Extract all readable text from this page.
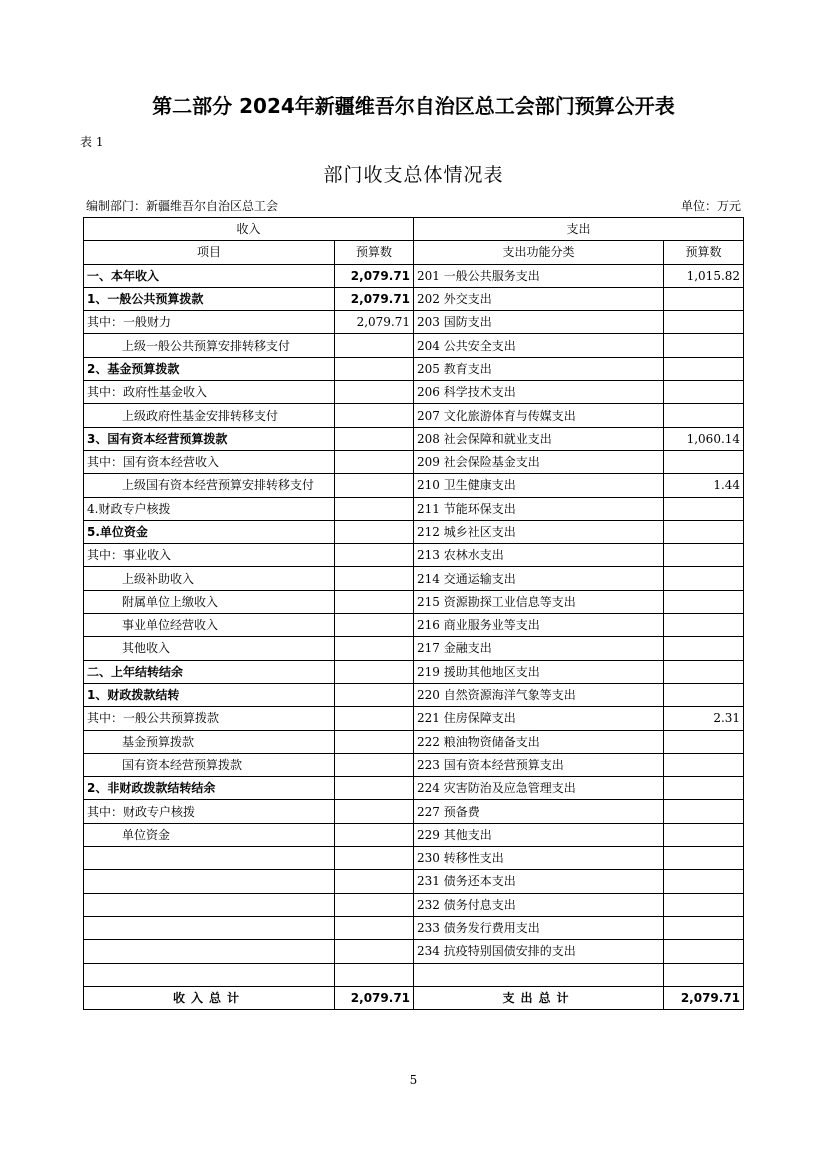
第二部分 2024年新疆维吾尔自治区总工会部门预算公开表
表 1
部门收支总体情况表
编制部门：新疆维吾尔自治区总工会	单位：万元
收入		支出	
项目	预算数	支出功能分类	预算数
一、本年收入	2,079.71	201 一般公共服务支出	1,015.82
1、一般公共预算拨款	2,079.71	202 外交支出	
其中：一般财力	2,079.71	203 国防支出	
上级一般公共预算安排转移支付		204 公共安全支出	
2、基金预算拨款		205 教育支出	
其中：政府性基金收入		206 科学技术支出	
上级政府性基金安排转移支付		207 文化旅游体育与传媒支出	
3、国有资本经营预算拨款		208 社会保障和就业支出	1,060.14
其中：国有资本经营收入		209 社会保险基金支出	
上级国有资本经营预算安排转移支付		210 卫生健康支出	1.44
4.财政专户核拨		211 节能环保支出	
5.单位资金		212 城乡社区支出	
其中：事业收入		213 农林水支出	
上级补助收入		214 交通运输支出	
附属单位上缴收入		215 资源勘探工业信息等支出	
事业单位经营收入		216 商业服务业等支出	
其他收入		217 金融支出	
二、上年结转结余		219 援助其他地区支出	
1、财政拨款结转		220 自然资源海洋气象等支出	
其中：一般公共预算拨款		221 住房保障支出	2.31
基金预算拨款		222 粮油物资储备支出	
国有资本经营预算拨款		223 国有资本经营预算支出	
2、非财政拨款结转结余		224 灾害防治及应急管理支出	
其中：财政专户核拨		227 预备费	
单位资金		229 其他支出	
		230 转移性支出	
		231 债务还本支出	
		232 债务付息支出	
		233 债务发行费用支出	
		234 抗疫特别国债安排的支出	

收入总计	2,079.71	支出总计	2,079.71
5
